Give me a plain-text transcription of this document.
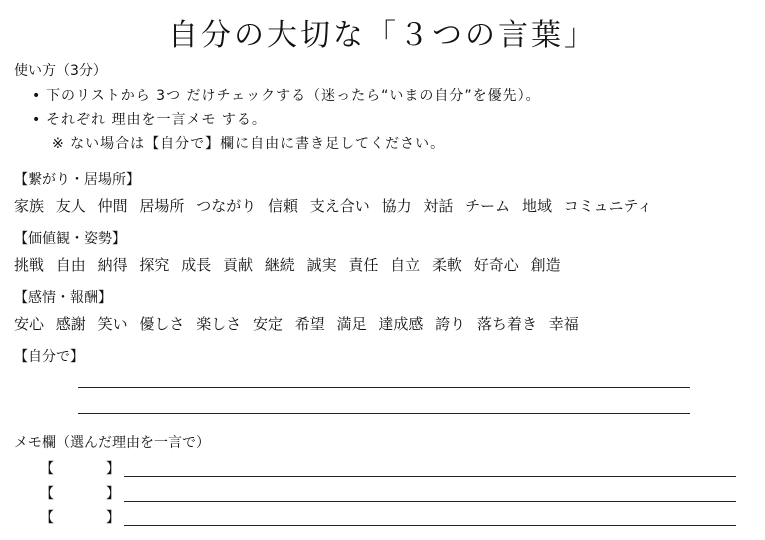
自分の大切な「３つの言葉」
使い方（3分）
• 下のリストから 3つ だけチェックする（迷ったら“いまの自分”を優先）。
• それぞれ 理由を一言メモ する。
※ ない場合は【自分で】欄に自由に書き足してください。
【繋がり・居場所】
家族 友人 仲間 居場所 つながり 信頼 支え合い 協力 対話 チーム 地域 コミュニティ
【価値観・姿勢】
挑戦 自由 納得 探究 成長 貢献 継続 誠実 責任 自立 柔軟 好奇心 創造
【感情・報酬】
安心 感謝 笑い 優しさ 楽しさ 安定 希望 満足 達成感 誇り 落ち着き 幸福
【自分で】
メモ欄（選んだ理由を一言で）
【	】
【	】
【	】
